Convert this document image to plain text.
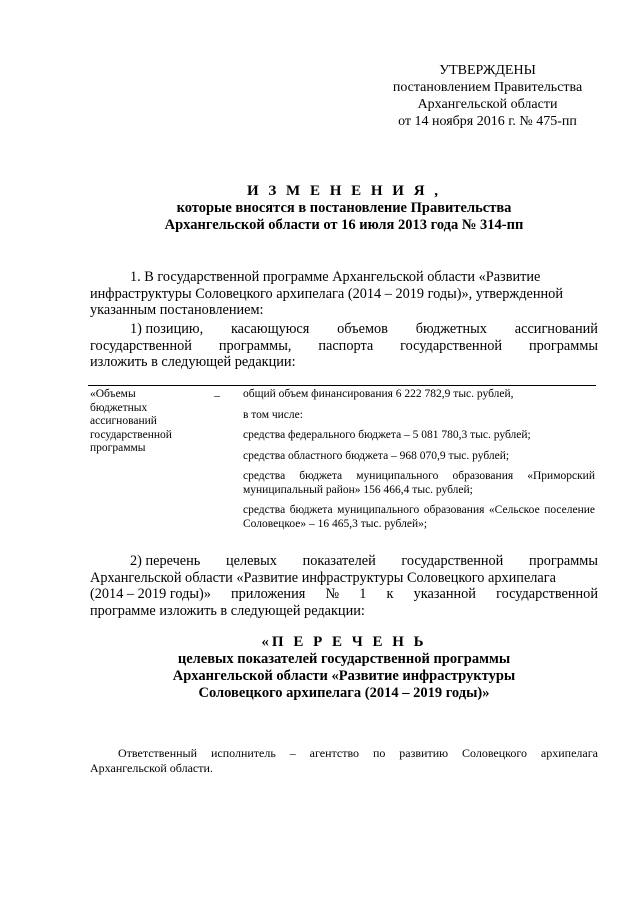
УТВЕРЖДЕНЫ
постановлением Правительства
Архангельской области
от 14 ноября 2016 г. № 475-пп
И З М Е Н Е Н И Я ,
которые вносятся в постановление Правительства
Архангельской области от 16 июля 2013 года № 314-пп
1. В государственной программе Архангельской области «Развитие
инфраструктуры Соловецкого архипелага (2014 – 2019 годы)», утвержденной
указанным постановлением:
1) позицию, касающуюся объемов бюджетных ассигнований
государственной программы, паспорта государственной программы
изложить в следующей редакции:
«Объемы
бюджетных
ассигнований
государственной
программы
– общий объем финансирования 6 222 782,9 тыс. рублей,
в том числе:
средства федерального бюджета – 5 081 780,3 тыс. рублей;
средства областного бюджета – 968 070,9 тыс. рублей;
средства бюджета муниципального образования «Приморский муниципальный район» 156 466,4 тыс. рублей;
средства бюджета муниципального образования «Сельское поселение Соловецкое» – 16 465,3 тыс. рублей»;
2) перечень целевых показателей государственной программы
Архангельской области «Развитие инфраструктуры Соловецкого архипелага
(2014 – 2019 годы)» приложения № 1 к указанной государственной
программе изложить в следующей редакции:
«П Е Р Е Ч Е Н Ь
целевых показателей государственной программы
Архангельской области «Развитие инфраструктуры
Соловецкого архипелага (2014 – 2019 годы)»
Ответственный исполнитель – агентство по развитию Соловецкого архипелага Архангельской области.
